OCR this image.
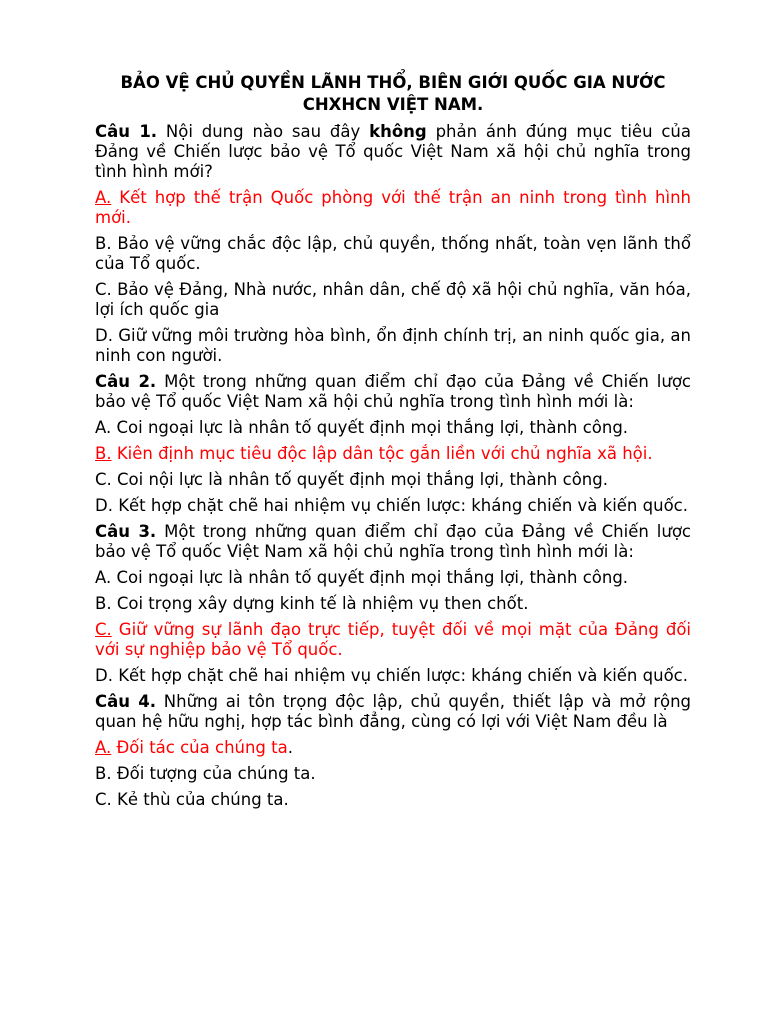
BẢO VỆ CHỦ QUYỀN LÃNH THỔ, BIÊN GIỚI QUỐC GIA NƯỚC CHXHCN VIỆT NAM.
Câu 1. Nội dung nào sau đây không phản ánh đúng mục tiêu của Đảng về Chiến lược bảo vệ Tổ quốc Việt Nam xã hội chủ nghĩa trong tình hình mới?
A. Kết hợp thế trận Quốc phòng với thế trận an ninh trong tình hình mới.
B. Bảo vệ vững chắc độc lập, chủ quyền, thống nhất, toàn vẹn lãnh thổ của Tổ quốc.
C. Bảo vệ Đảng, Nhà nước, nhân dân, chế độ xã hội chủ nghĩa, văn hóa, lợi ích quốc gia
D. Giữ vững môi trường hòa bình, ổn định chính trị, an ninh quốc gia, an ninh con người.
Câu 2. Một trong những quan điểm chỉ đạo của Đảng về Chiến lược bảo vệ Tổ quốc Việt Nam xã hội chủ nghĩa trong tình hình mới là:
A. Coi ngoại lực là nhân tố quyết định mọi thắng lợi, thành công.
B. Kiên định mục tiêu độc lập dân tộc gắn liền với chủ nghĩa xã hội.
C. Coi nội lực là nhân tố quyết định mọi thắng lợi, thành công.
D. Kết hợp chặt chẽ hai nhiệm vụ chiến lược: kháng chiến và kiến quốc.
Câu 3. Một trong những quan điểm chỉ đạo của Đảng về Chiến lược bảo vệ Tổ quốc Việt Nam xã hội chủ nghĩa trong tình hình mới là:
A. Coi ngoại lực là nhân tố quyết định mọi thắng lợi, thành công.
B. Coi trọng xây dựng kinh tế là nhiệm vụ then chốt.
C. Giữ vững sự lãnh đạo trực tiếp, tuyệt đối về mọi mặt của Đảng đối với sự nghiệp bảo vệ Tổ quốc.
D. Kết hợp chặt chẽ hai nhiệm vụ chiến lược: kháng chiến và kiến quốc.
Câu 4. Những ai tôn trọng độc lập, chủ quyền, thiết lập và mở rộng quan hệ hữu nghị, hợp tác bình đẳng, cùng có lợi với Việt Nam đều là
A. Đối tác của chúng ta.
B. Đối tượng của chúng ta.
C. Kẻ thù của chúng ta.
